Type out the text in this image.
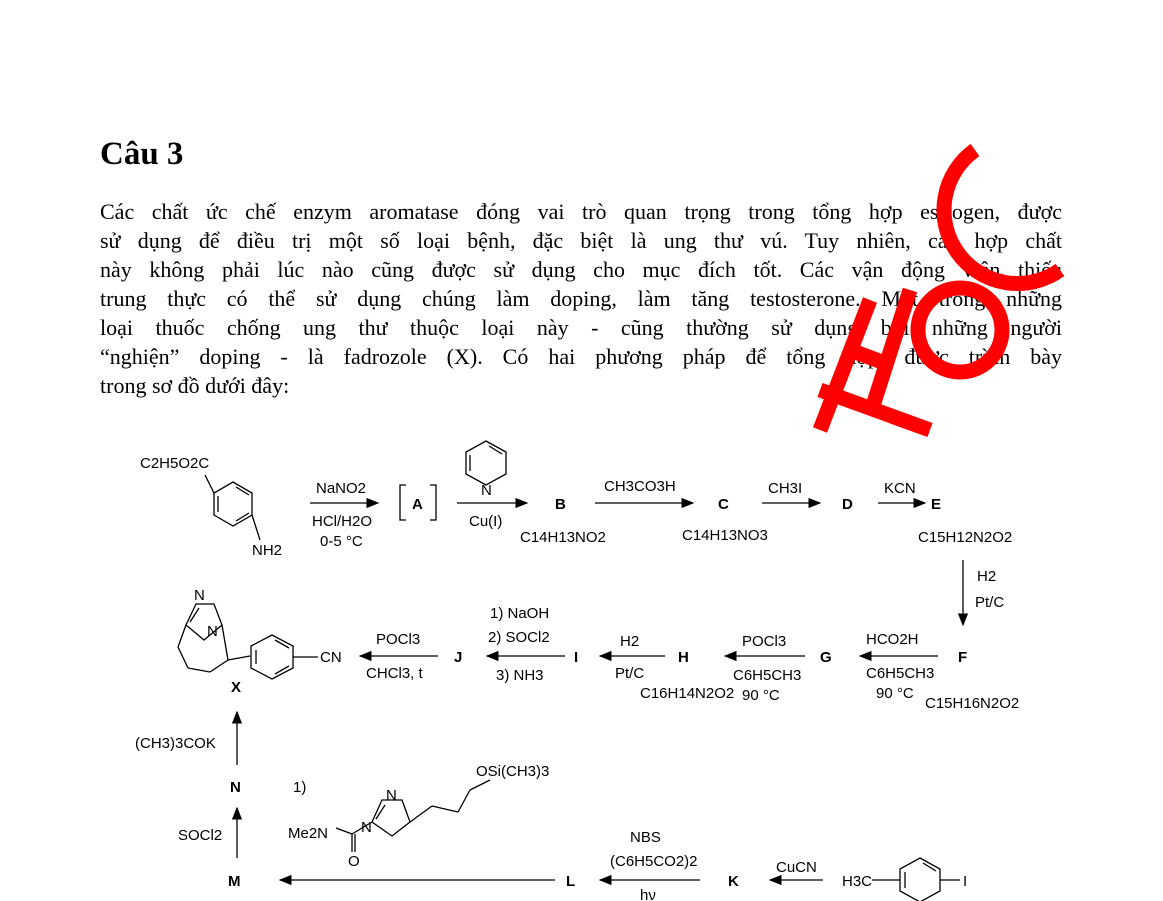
Câu 3
Các chất ức chế enzym aromatase đóng vai trò quan trọng trong tổng hợp estrogen, được
sử dụng để điều trị một số loại bệnh, đặc biệt là ung thư vú. Tuy nhiên, các hợp chất
này không phải lúc nào cũng được sử dụng cho mục đích tốt. Các vận động viên thiếu
trung thực có thể sử dụng chúng làm doping, làm tăng testosterone. Một trong những
loại thuốc chống ung thư thuộc loại này - cũng thường sử dụng bởi những người
“nghiện” doping - là fadrozole (X). Có hai phương pháp để tổng hợp, được trình bày
trong sơ đồ dưới đây:
C2H5O2C
NH2
NaNO2
HCl/H2O
0-5 °C
A
N
Cu(I)
B
C14H13NO2
CH3CO3H
C
C14H13NO3
CH3I
D
KCN
E
C15H12N2O2
H2
Pt/C
F
C15H16N2O2
HCO2H
C6H5CH3
90 °C
G
POCl3
C6H5CH3
90 °C
H
C16H14N2O2
H2
Pt/C
I
1) NaOH
2) SOCl2
3) NH3
J
POCl3
CHCl3, t
N
N
CN
X
(CH3)3COK
N
SOCl2
M
1)
Me2N
O
N
N
OSi(CH3)3
L
NBS
(C6H5CO2)2
hν
K
CuCN
H3C	I
